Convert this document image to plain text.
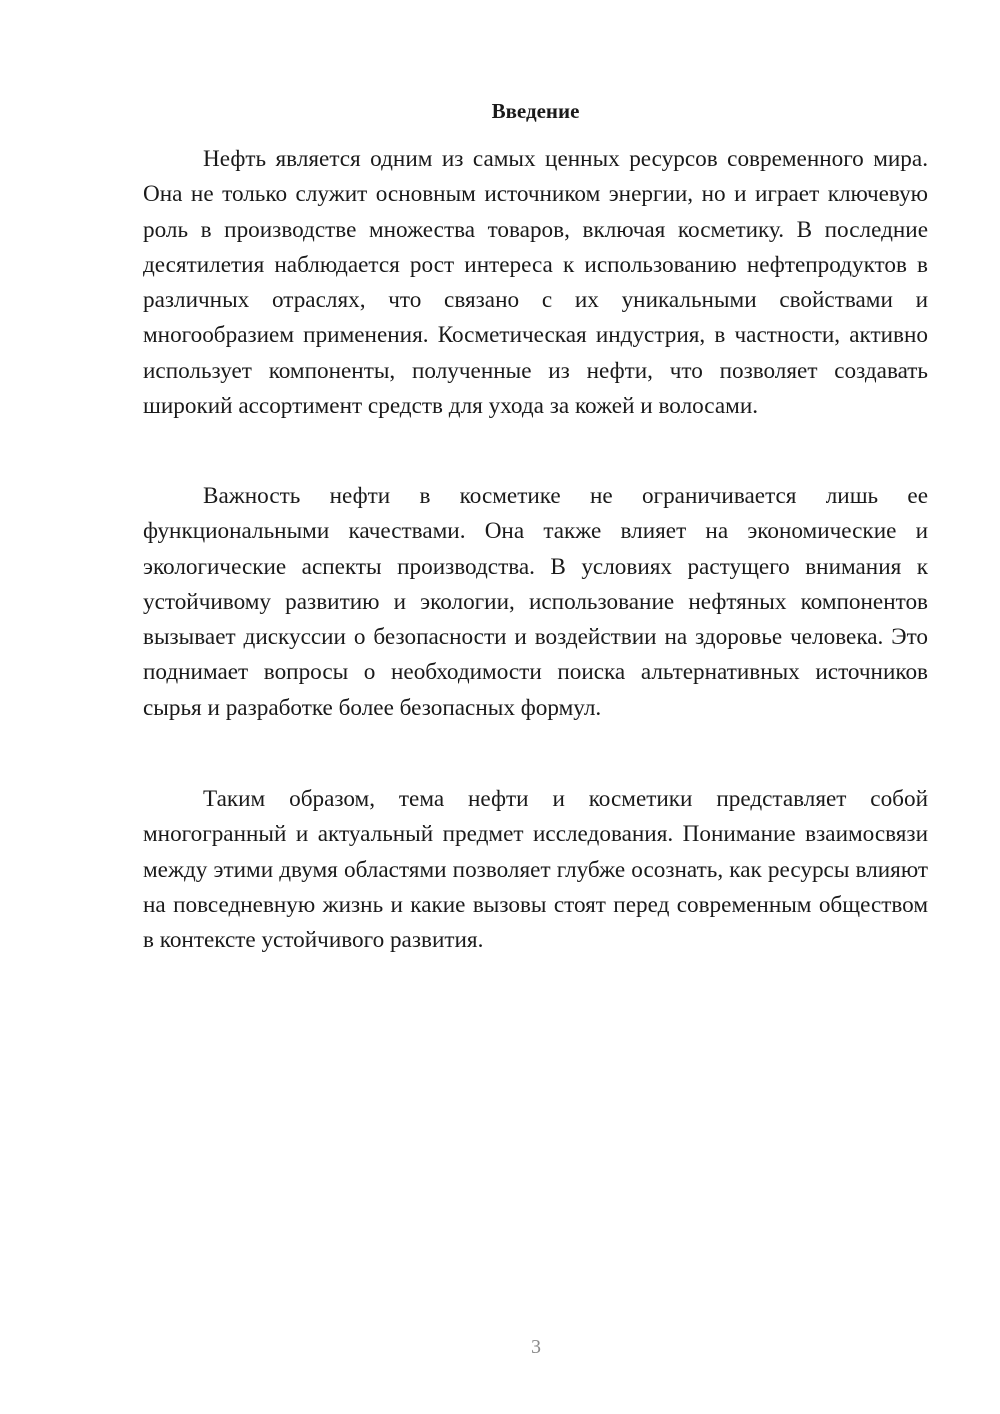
Введение

Нефть является одним из самых ценных ресурсов современного мира. Она не только служит основным источником энергии, но и играет ключевую роль в производстве множества товаров, включая косметику. В последние десятилетия наблюдается рост интереса к использованию нефтепродуктов в различных отраслях, что связано с их уникальными свойствами и многообразием применения. Косметическая индустрия, в частности, активно использует компоненты, полученные из нефти, что позволяет создавать широкий ассортимент средств для ухода за кожей и волосами.

Важность нефти в косметике не ограничивается лишь ее функциональными качествами. Она также влияет на экономические и экологические аспекты производства. В условиях растущего внимания к устойчивому развитию и экологии, использование нефтяных компонентов вызывает дискуссии о безопасности и воздействии на здоровье человека. Это поднимает вопросы о необходимости поиска альтернативных источников сырья и разработке более безопасных формул.

Таким образом, тема нефти и косметики представляет собой многогранный и актуальный предмет исследования. Понимание взаимосвязи между этими двумя областями позволяет глубже осознать, как ресурсы влияют на повседневную жизнь и какие вызовы стоят перед современным обществом в контексте устойчивого развития.

3
